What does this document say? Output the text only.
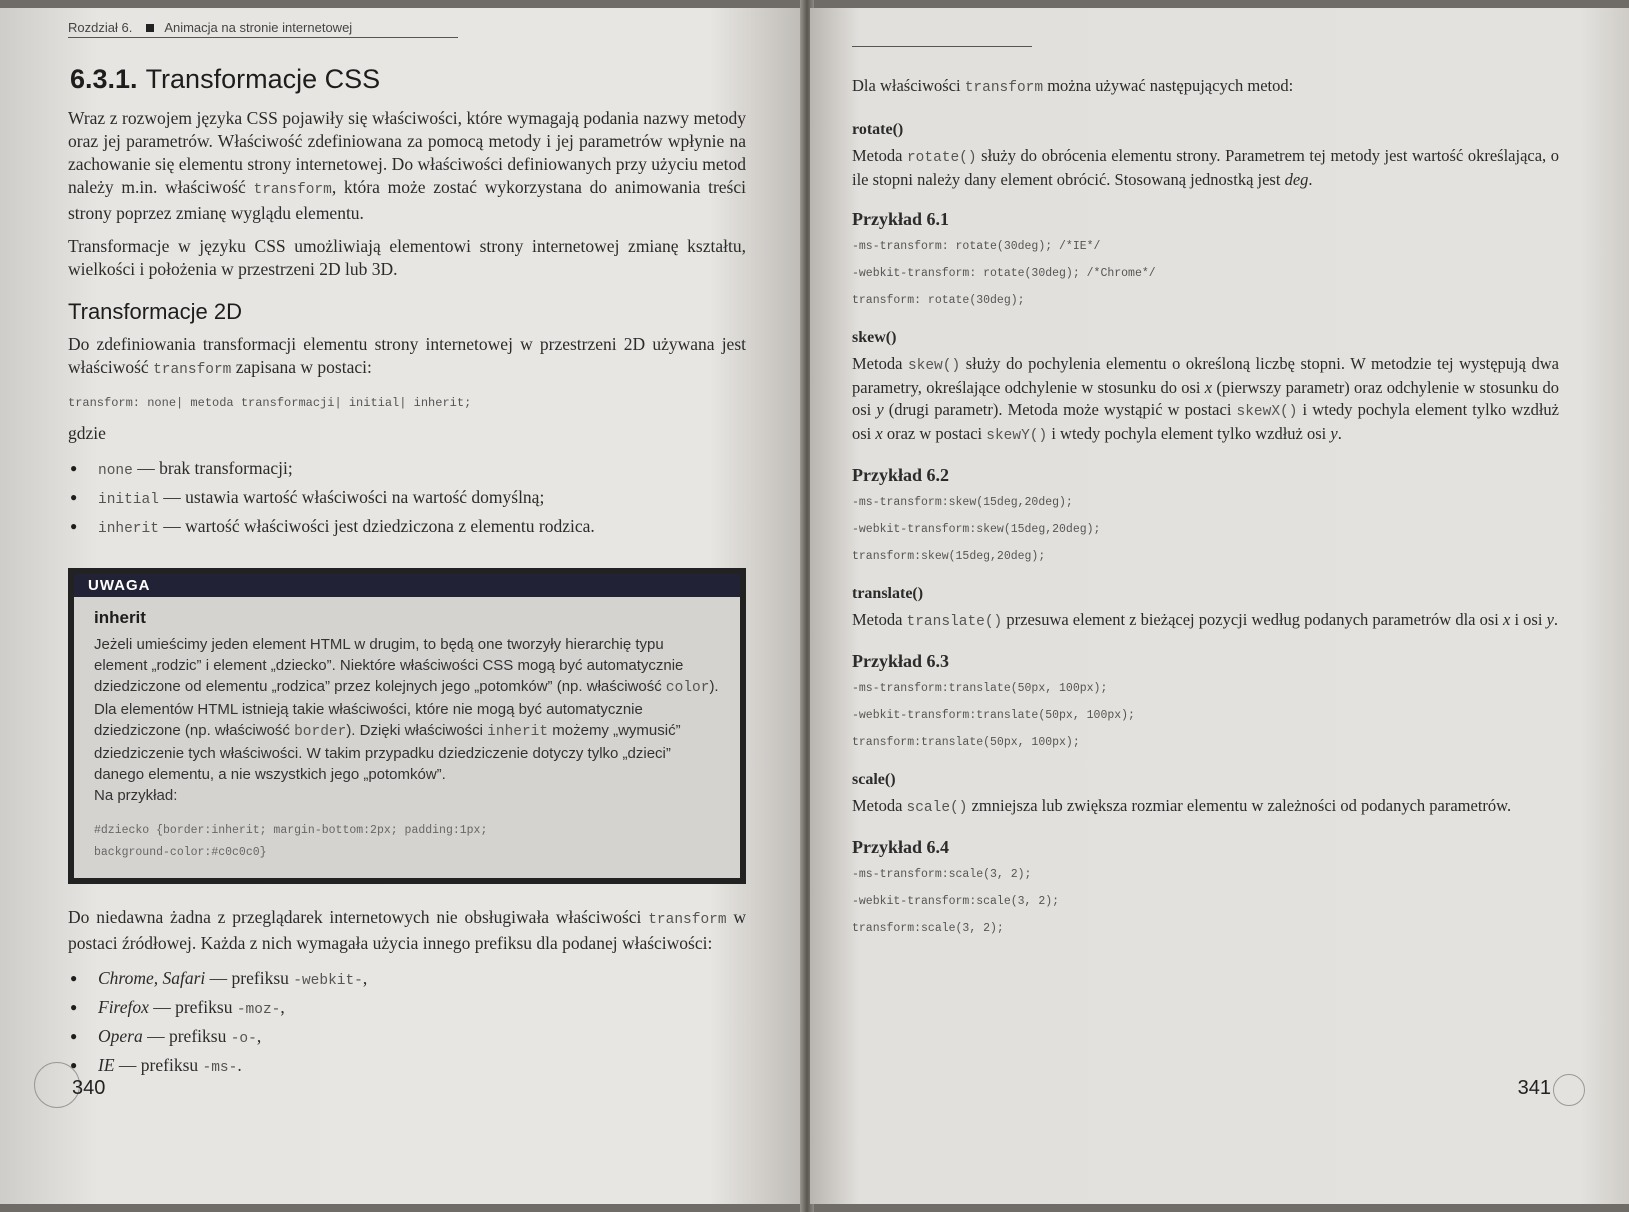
Rozdział 6. Animacja na stronie internetowej
6.3.1. Transformacje CSS

Wraz z rozwojem języka CSS pojawiły się właściwości, które wymagają podania nazwy metody oraz jej parametrów. Właściwość zdefiniowana za pomocą metody i jej parametrów wpłynie na zachowanie się elementu strony internetowej. Do właściwości definiowanych przy użyciu metod należy m.in. właściwość transform, która może zostać wykorzystana do animowania treści strony poprzez zmianę wyglądu elementu.

Transformacje w języku CSS umożliwiają elementowi strony internetowej zmianę kształtu, wielkości i położenia w przestrzeni 2D lub 3D.

Transformacje 2D

Do zdefiniowania transformacji elementu strony internetowej w przestrzeni 2D używana jest właściwość transform zapisana w postaci:

transform: none| metoda transformacji| initial| inherit;

gdzie

● none — brak transformacji;
● initial — ustawia wartość właściwości na wartość domyślną;
● inherit — wartość właściwości jest dziedziczona z elementu rodzica.
UWAGA
inherit
Jeżeli umieścimy jeden element HTML w drugim, to będą one tworzyły hierarchię typu element „rodzic” i element „dziecko”. Niektóre właściwości CSS mogą być automatycznie dziedziczone od elementu „rodzica” przez kolejnych jego „potomków” (np. właściwość color). Dla elementów HTML istnieją takie właściwości, które nie mogą być automatycznie dziedziczone (np. właściwość border). Dzięki właściwości inherit możemy „wymusić” dziedziczenie tych właściwości. W takim przypadku dziedziczenie dotyczy tylko „dzieci” danego elementu, a nie wszystkich jego „potomków”.
Na przykład:
#dziecko {border:inherit; margin-bottom:2px; padding:1px;
background-color:#c0c0c0}

Do niedawna żadna z przeglądarek internetowych nie obsługiwała właściwości transform w postaci źródłowej. Każda z nich wymagała użycia innego prefiksu dla podanej właściwości:

● Chrome, Safari — prefiksu -webkit-,
● Firefox — prefiksu -moz-,
● Opera — prefiksu -o-,
● IE — prefiksu -ms-.
340

Dla właściwości transform można używać następujących metod:

rotate()

Metoda rotate() służy do obrócenia elementu strony. Parametrem tej metody jest wartość określająca, o ile stopni należy dany element obrócić. Stosowaną jednostką jest deg.

Przykład 6.1
-ms-transform: rotate(30deg); /*IE*/
-webkit-transform: rotate(30deg); /*Chrome*/
transform: rotate(30deg);
skew()

Metoda skew() służy do pochylenia elementu o określoną liczbę stopni. W metodzie tej występują dwa parametry, określające odchylenie w stosunku do osi x (pierwszy parametr) oraz odchylenie w stosunku do osi y (drugi parametr). Metoda może wystąpić w postaci skewX() i wtedy pochyla element tylko wzdłuż osi x oraz w postaci skewY() i wtedy pochyla element tylko wzdłuż osi y.

Przykład 6.2
-ms-transform:skew(15deg,20deg);
-webkit-transform:skew(15deg,20deg);
transform:skew(15deg,20deg);
translate()

Metoda translate() przesuwa element z bieżącej pozycji według podanych parametrów dla osi x i osi y.

Przykład 6.3
-ms-transform:translate(50px, 100px);
-webkit-transform:translate(50px, 100px);
transform:translate(50px, 100px);
scale()

Metoda scale() zmniejsza lub zwiększa rozmiar elementu w zależności od podanych parametrów.

Przykład 6.4
-ms-transform:scale(3, 2);
-webkit-transform:scale(3, 2);
transform:scale(3, 2);
341
